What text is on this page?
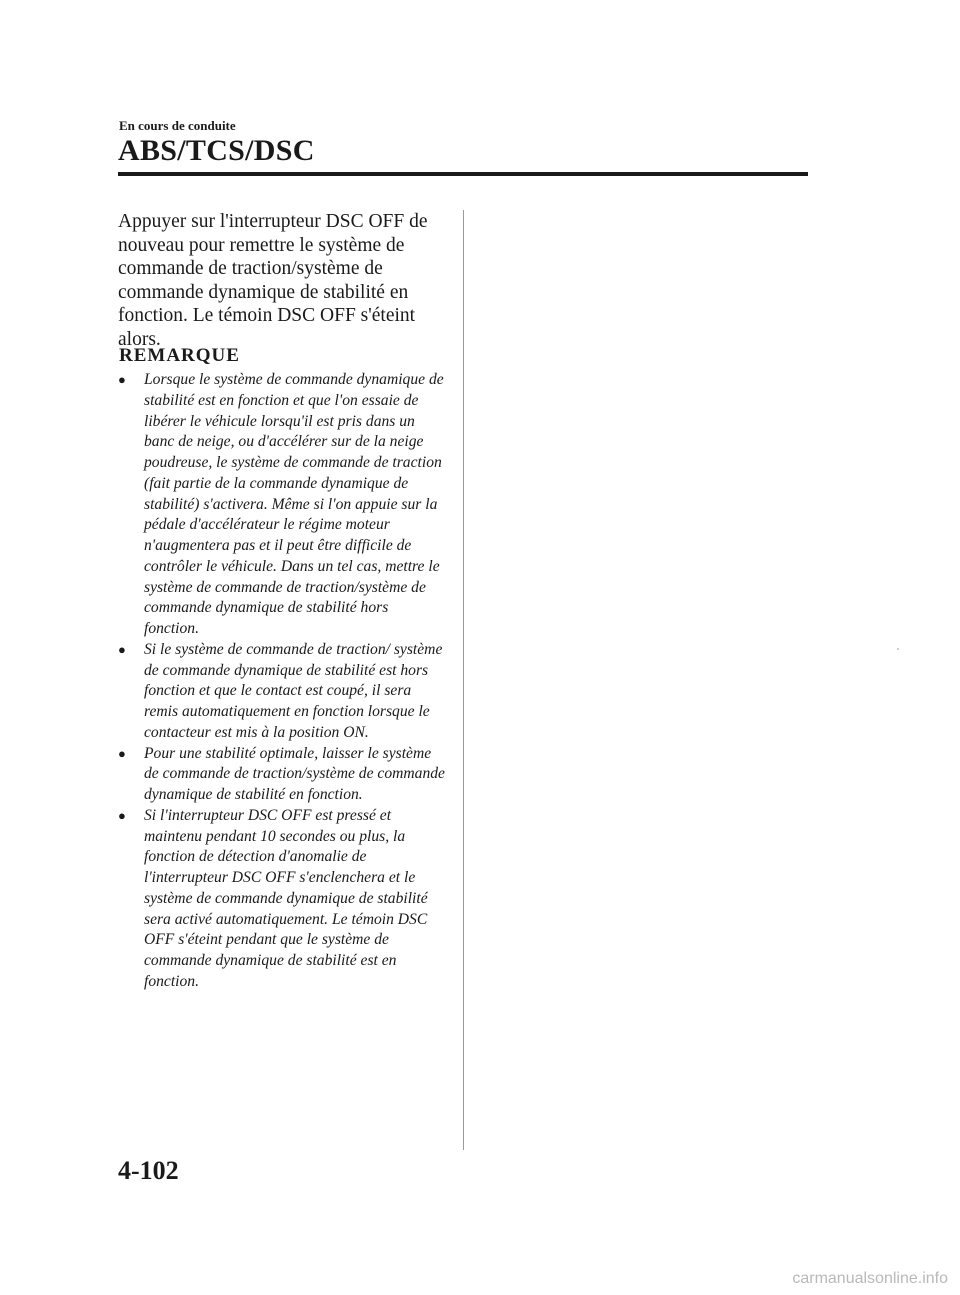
En cours de conduite
ABS/TCS/DSC

Appuyer sur l'interrupteur DSC OFF de nouveau pour remettre le système de commande de traction/système de commande dynamique de stabilité en fonction. Le témoin DSC OFF s'éteint alors.

REMARQUE
● Lorsque le système de commande dynamique de stabilité est en fonction et que l'on essaie de libérer le véhicule lorsqu'il est pris dans un banc de neige, ou d'accélérer sur de la neige poudreuse, le système de commande de traction (fait partie de la commande dynamique de stabilité) s'activera. Même si l'on appuie sur la pédale d'accélérateur le régime moteur n'augmentera pas et il peut être difficile de contrôler le véhicule. Dans un tel cas, mettre le système de commande de traction/système de commande dynamique de stabilité hors fonction.
● Si le système de commande de traction/ système de commande dynamique de stabilité est hors fonction et que le contact est coupé, il sera remis automatiquement en fonction lorsque le contacteur est mis à la position ON.
● Pour une stabilité optimale, laisser le système de commande de traction/système de commande dynamique de stabilité en fonction.
● Si l'interrupteur DSC OFF est pressé et maintenu pendant 10 secondes ou plus, la fonction de détection d'anomalie de l'interrupteur DSC OFF s'enclenchera et le système de commande dynamique de stabilité sera activé automatiquement. Le témoin DSC OFF s'éteint pendant que le système de commande dynamique de stabilité est en fonction.
4-102
carmanualsonline.info
